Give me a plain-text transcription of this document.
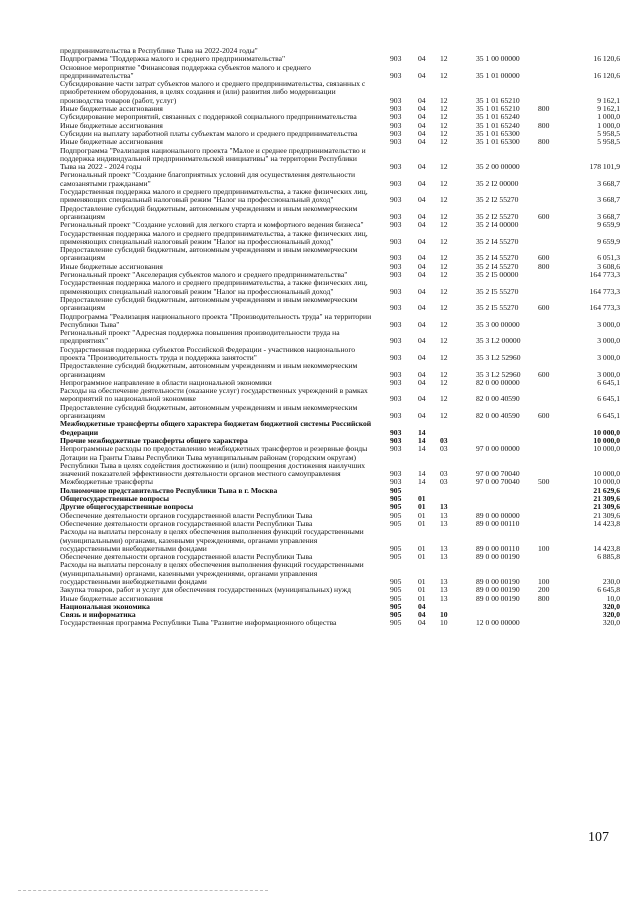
предпринимательства в Республике Тыва на 2022-2024 годы"
Подпрограмма "Поддержка малого и среднего предпринимательства"	903 04 12	35 1 00 00000	16 120,6
Основное мероприятие "Финансовая поддержка субъектов малого и среднего предпринимательства"	903 04 12	35 1 01 00000	16 120,6
Субсидирование части затрат субъектов малого и среднего предпринимательства, связанных с приобретением оборудования, в целях создания и (или) развития либо модернизации производства товаров (работ, услуг)	903 04 12	35 1 01 65210	9 162,1
Иные бюджетные ассигнования	903 04 12	35 1 01 65210 800	9 162,1
Субсидирование мероприятий, связанных с поддержкой социального предпринимательства	903 04 12	35 1 01 65240	1 000,0
Иные бюджетные ассигнования	903 04 12	35 1 01 65240 800	1 000,0
Субсидии на выплату заработной платы субъектам малого и среднего предпринимательства	903 04 12	35 1 01 65300	5 958,5
Иные бюджетные ассигнования	903 04 12	35 1 01 65300 800	5 958,5
Подпрограмма "Реализация национального проекта "Малое и среднее предпринимательство и поддержка индивидуальной предпринимательской инициативы" на территории Республики Тыва на 2022 - 2024 годы	903 04 12	35 2 00 00000	178 101,9
Региональный проект "Создание благоприятных условий для осуществления деятельности самозанятыми гражданами"	903 04 12	35 2 I2 00000	3 668,7
Государственная поддержка малого и среднего предпринимательства, а также физических лиц, применяющих специальный налоговый режим "Налог на профессиональный доход"	903 04 12	35 2 I2 55270	3 668,7
Предоставление субсидий бюджетным, автономным учреждениям и иным некоммерческим организациям	903 04 12	35 2 I2 55270	600	3 668,7
Региональный проект "Создание условий для легкого старта и комфортного ведения бизнеса"	903 04 12	35 2 I4 00000	9 659,9
Государственная поддержка малого и среднего предпринимательства, а также физических лиц, применяющих специальный налоговый режим "Налог на профессиональный доход"	903 04 12	35 2 I4 55270	9 659,9
Предоставление субсидий бюджетным, автономным учреждениям и иным некоммерческим организациям	903 04 12	35 2 I4 55270	600	6 051,3
Иные бюджетные ассигнования	903 04 12	35 2 I4 55270	800	3 608,6
Региональный проект "Акселерация субъектов малого и среднего предпринимательства"	903 04 12	35 2 I5 00000	164 773,3
Государственная поддержка малого и среднего предпринимательства, а также физических лиц, применяющих специальный налоговый режим "Налог на профессиональный доход"	903 04 12	35 2 I5 55270	164 773,3
Предоставление субсидий бюджетным, автономным учреждениям и иным некоммерческим организациям	903 04 12	35 2 I5 55270	600	164 773,3
Подпрограмма "Реализация национального проекта "Производительность труда" на территории Республики Тыва"	903 04 12	35 3 00 00000	3 000,0
Региональный проект "Адресная поддержка повышения производительности труда на предприятиях"	903 04 12	35 3 L2 00000	3 000,0
Государственная поддержка субъектов Российской Федерации - участников национального проекта "Производительность труда и поддержка занятости"	903 04 12	35 3 L2 52960	3 000,0
Предоставление субсидий бюджетным, автономным учреждениям и иным некоммерческим организациям	903 04 12	35 3 L2 52960 600	3 000,0
Непрограммное направление в области национальной экономики	903 04 12	82 0 00 00000	6 645,1
Расходы на обеспечение деятельности (оказание услуг) государственных учреждений в рамках мероприятий по национальной экономике	903 04 12	82 0 00 40590	6 645,1
Предоставление субсидий бюджетным, автономным учреждениям и иным некоммерческим организациям	903 04 12	82 0 00 40590 600	6 645,1
Межбюджетные трансферты общего характера бюджетам бюджетной системы Российской Федерации	903 14	10 000,0
Прочие межбюджетные трансферты общего характера	903 14 03	10 000,0
Непрограммные расходы по предоставлению межбюджетных трансфертов и резервные фонды	903 14 03	97 0 00 00000	10 000,0
Дотации на Гранты Главы Республики Тыва муниципальным районам (городским округам) Республики Тыва в целях содействия достижению и (или) поощрения достижения наилучших значений показателей эффективности деятельности органов местного самоуправления	903 14 03	97 0 00 70040	10 000,0
Межбюджетные трансферты	903 14 03	97 0 00 70040 500	10 000,0
Полномочное представительство Республики Тыва в г. Москва	905	21 629,6
Общегосударственные вопросы	905 01	21 309,6
Другие общегосударственные вопросы	905 01 13	21 309,6
Обеспечение деятельности органов государственной власти Республики Тыва	905 01 13	89 0 00 00000	21 309,6
Обеспечение деятельности органов государственной власти Республики Тыва	905 01 13	89 0 00 00110	14 423,8
Расходы на выплаты персоналу в целях обеспечения выполнения функций государственными (муниципальными) органами, казенными учреждениями, органами управления государственными внебюджетными фондами	905 01 13	89 0 00 00110 100	14 423,8
Обеспечение деятельности органов государственной власти Республики Тыва	905 01 13	89 0 00 00190	6 885,8
Расходы на выплаты персоналу в целях обеспечения выполнения функций государственными (муниципальными) органами, казенными учреждениями, органами управления государственными внебюджетными фондами	905 01 13	89 0 00 00190 100	230,0
Закупка товаров, работ и услуг для обеспечения государственных (муниципальных) нужд	905 01 13	89 0 00 00190 200	6 645,8
Иные бюджетные ассигнования	905 01 13	89 0 00 00190 800	10,0
Национальная экономика	905 04	320,0
Связь и информатика	905 04 10	320,0
Государственная программа Республики Тыва "Развитие информационного общества	905 04 10	12 0 00 00000	320,0
107
